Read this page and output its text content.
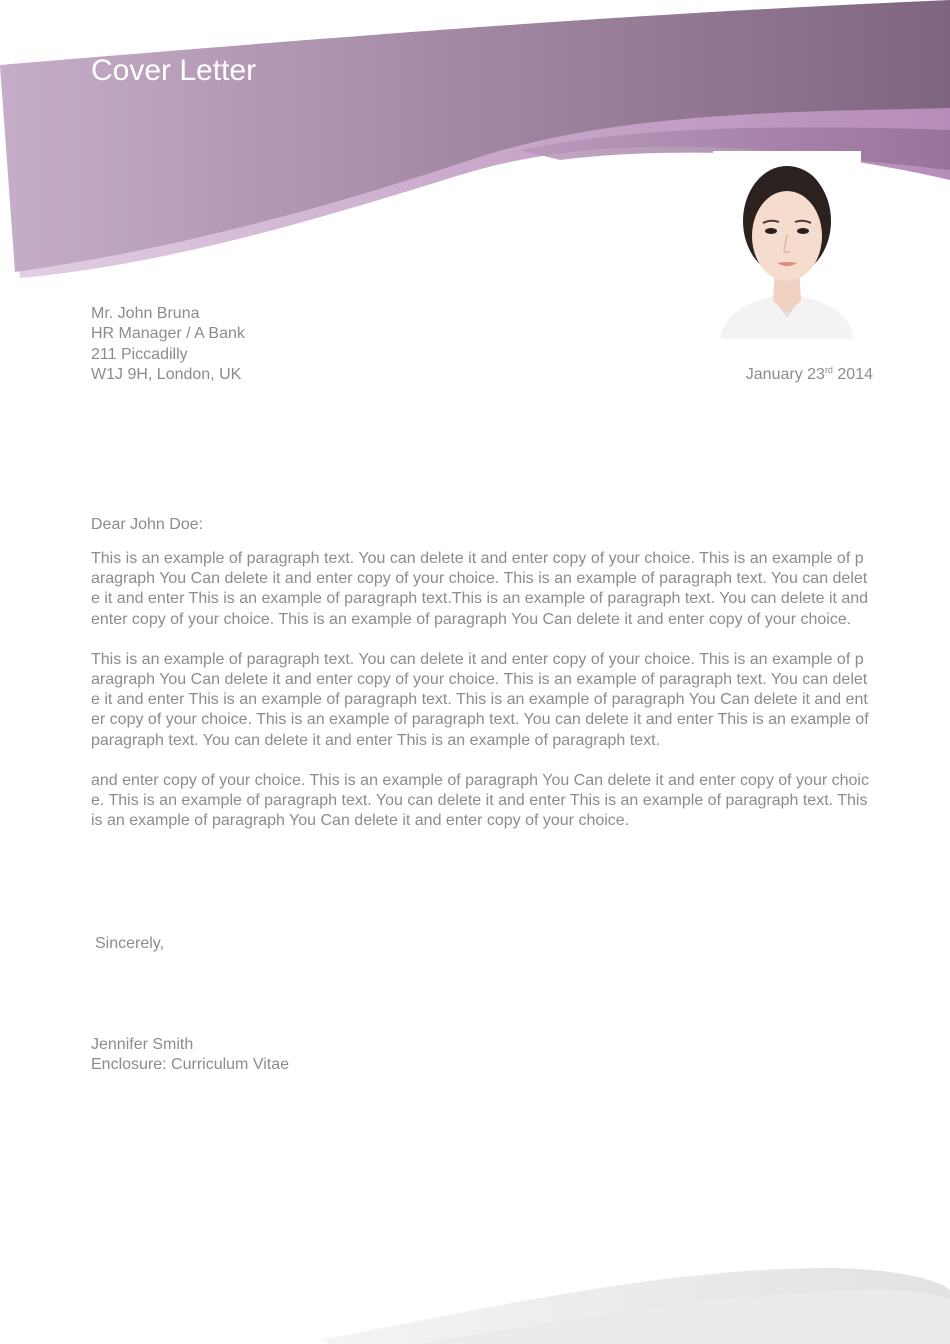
Cover Letter
Mr. John Bruna
HR Manager / A Bank
211 Piccadilly
W1J 9H, London, UK	January 23rd 2014
Dear John Doe:

This is an example of paragraph text. You can delete it and enter copy of your choice. This is an example of paragraph You Can delete it and enter copy of your choice. This is an example of paragraph text. You can delete it and enter This is an example of paragraph text.This is an example of paragraph text. You can delete it and enter copy of your choice. This is an example of paragraph You Can delete it and enter copy of your choice.

This is an example of paragraph text. You can delete it and enter copy of your choice. This is an example of paragraph You Can delete it and enter copy of your choice. This is an example of paragraph text. You can delete it and enter This is an example of paragraph text. This is an example of paragraph You Can delete it and enter copy of your choice. This is an example of paragraph text. You can delete it and enter This is an example of paragraph text. You can delete it and enter This is an example of paragraph text.

and enter copy of your choice. This is an example of paragraph You Can delete it and enter copy of your choice. This is an example of paragraph text. You can delete it and enter This is an example of paragraph text. This is an example of paragraph You Can delete it and enter copy of your choice.

Sincerely,
Jennifer Smith
Enclosure: Curriculum Vitae
